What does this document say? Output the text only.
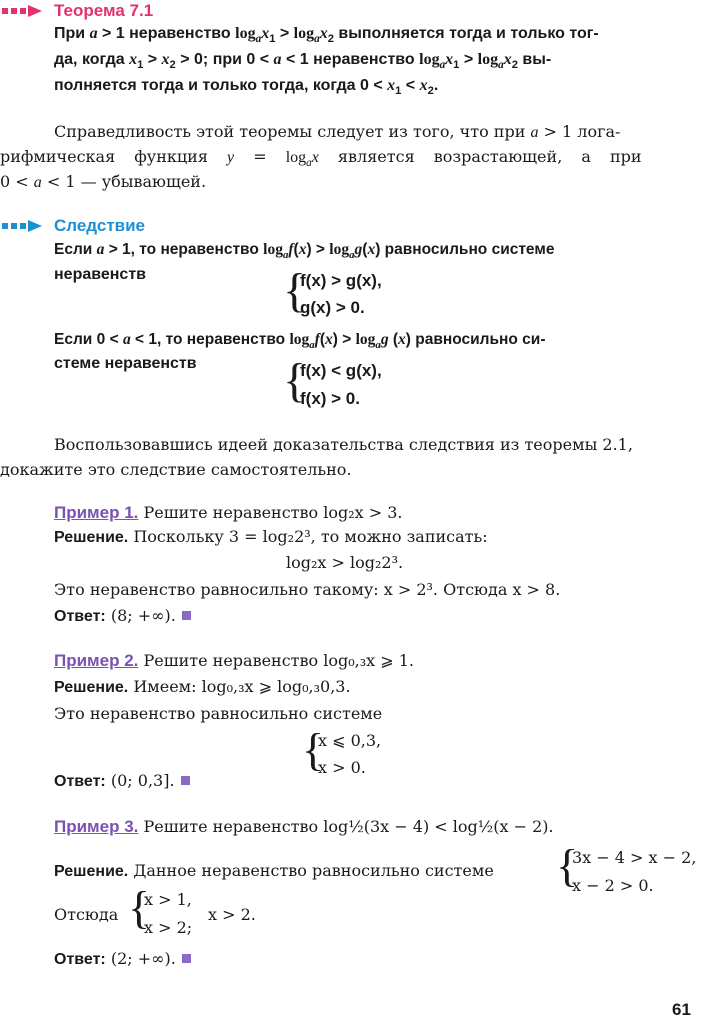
Теорема 7.1
При a > 1 неравенство $\log_ax_1 > \log_ax_2$ выполняется тогда и только тог-
да, когда $x_1 > x_2 > 0$; при 0 < a < 1 неравенство $\log_ax_1 > \log_ax_2$ вы-
полняется тогда и только тогда, когда $0 < x_1 < x_2$.
Справедливость этой теоремы следует из того, что при a > 1 лога-
рифмическая функция $y = \log_ax$ является возрастающей, а при
0 < a < 1 — убывающей.
Следствие
Если a > 1, то неравенство $\log_af(x) > \log_ag(x)$ равносильно системе
неравенств	{
f(x) > g(x),
g(x) > 0.
Если 0 < a < 1, то неравенство $\log_af(x) > \log_ag$ (x) равносильно си-
стеме неравенств {
f(x) < g(x),
f(x) > 0.
Воспользовавшись идеей доказательства следствия из теоремы 2.1,
докажите это следствие самостоятельно.
Пример 1. Решите неравенство log₂x > 3.
Решение. Поскольку 3 = log₂2³, то можно записать:
log₂x > log₂2³.
Это неравенство равносильно такому: x > 2³. Отсюда x > 8.
Ответ: (8; +∞).
Пример 2. Решите неравенство log₀,₃x ⩾ 1.
Решение. Имеем: log₀,₃x ⩾ log₀,₃0,3.
Это неравенство равносильно системе
{
x ⩽ 0,3,
x > 0.
Ответ: (0; 0,3].
Пример 3. Решите неравенство log½(3x − 4) < log½(x − 2).
Решение. Данное неравенство равносильно системе {
3x − 4 > x − 2,
x − 2 > 0.
Отсюда {
x > 1,
x > 2;
x > 2.
Ответ: (2; +∞).
61
